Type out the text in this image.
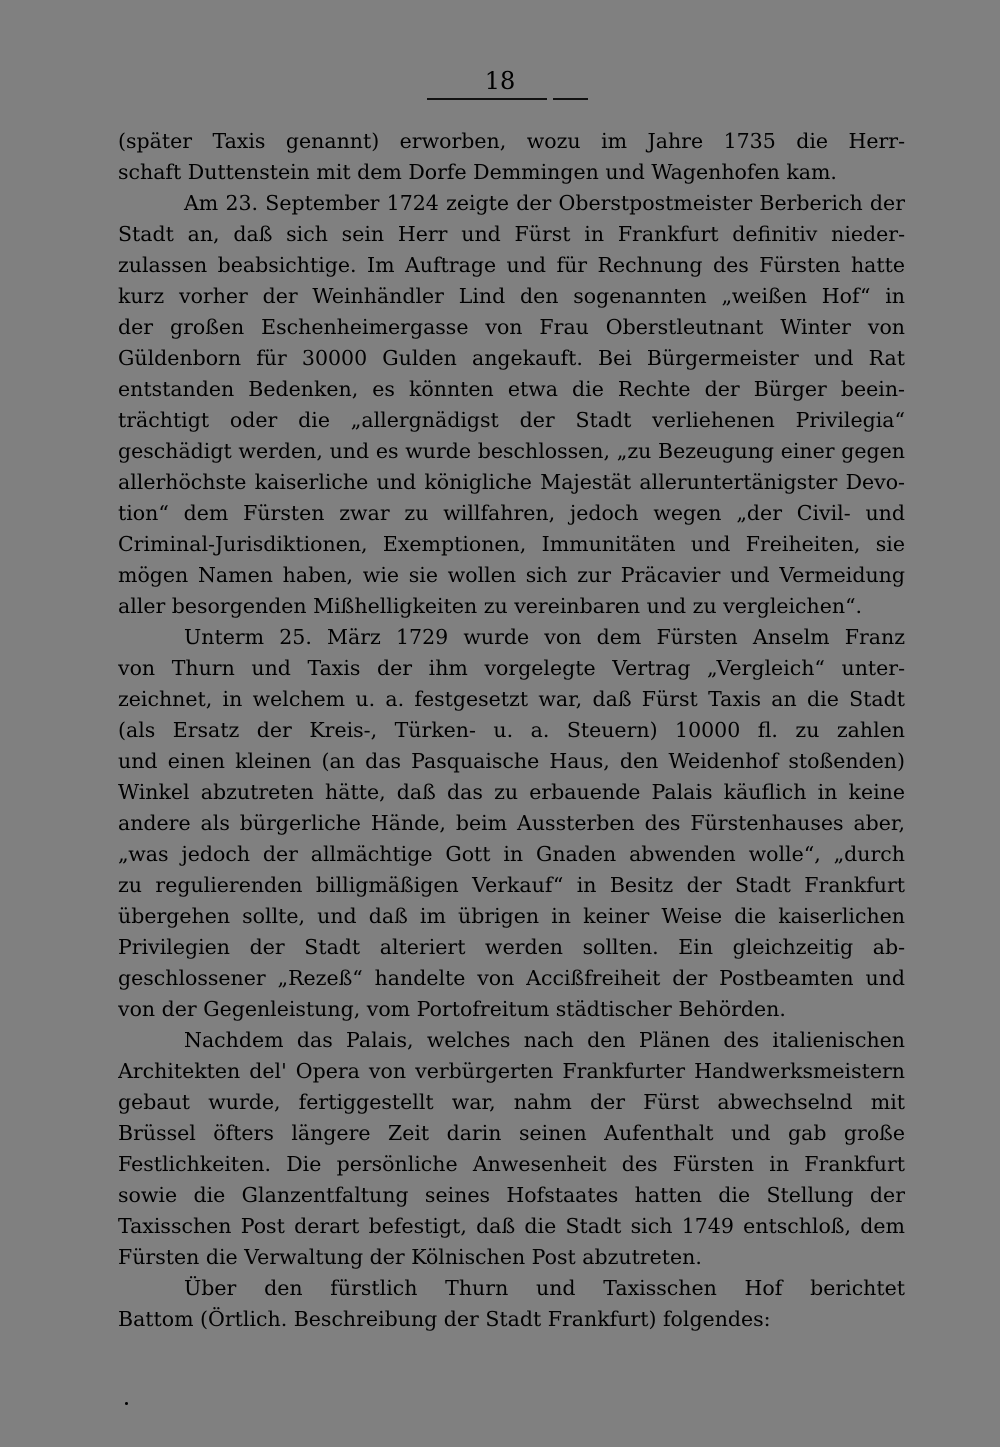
18

(später Taxis genannt) erworben, wozu im Jahre 1735 die Herr-
schaft Duttenstein mit dem Dorfe Demmingen und Wagenhofen kam.
Am 23. September 1724 zeigte der Oberstpostmeister Berberich der
Stadt an, daß sich sein Herr und Fürst in Frankfurt definitiv nieder-
zulassen beabsichtige. Im Auftrage und für Rechnung des Fürsten hatte
kurz vorher der Weinhändler Lind den sogenannten „weißen Hof“ in
der großen Eschenheimergasse von Frau Oberstleutnant Winter von
Güldenborn für 30000 Gulden angekauft. Bei Bürgermeister und Rat
entstanden Bedenken, es könnten etwa die Rechte der Bürger beein-
trächtigt oder die „allergnädigst der Stadt verliehenen Privilegia“
geschädigt werden, und es wurde beschlossen, „zu Bezeugung einer gegen
allerhöchste kaiserliche und königliche Majestät alleruntertänigster Devo-
tion“ dem Fürsten zwar zu willfahren, jedoch wegen „der Civil- und
Criminal-Jurisdiktionen, Exemptionen, Immunitäten und Freiheiten, sie
mögen Namen haben, wie sie wollen sich zur Präcavier und Vermeidung
aller besorgenden Mißhelligkeiten zu vereinbaren und zu vergleichen“.
Unterm 25. März 1729 wurde von dem Fürsten Anselm Franz
von Thurn und Taxis der ihm vorgelegte Vertrag „Vergleich“ unter-
zeichnet, in welchem u. a. festgesetzt war, daß Fürst Taxis an die Stadt
(als Ersatz der Kreis-, Türken- u. a. Steuern) 10000 fl. zu zahlen
und einen kleinen (an das Pasquaische Haus, den Weidenhof stoßenden)
Winkel abzutreten hätte, daß das zu erbauende Palais käuflich in keine
andere als bürgerliche Hände, beim Aussterben des Fürstenhauses aber,
„was jedoch der allmächtige Gott in Gnaden abwenden wolle“, „durch
zu regulierenden billigmäßigen Verkauf“ in Besitz der Stadt Frankfurt
übergehen sollte, und daß im übrigen in keiner Weise die kaiserlichen
Privilegien der Stadt alteriert werden sollten. Ein gleichzeitig ab-
geschlossener „Rezeß“ handelte von Accißfreiheit der Postbeamten und
von der Gegenleistung, vom Portofreitum städtischer Behörden.
Nachdem das Palais, welches nach den Plänen des italienischen
Architekten del' Opera von verbürgerten Frankfurter Handwerksmeistern
gebaut wurde, fertiggestellt war, nahm der Fürst abwechselnd mit
Brüssel öfters längere Zeit darin seinen Aufenthalt und gab große
Festlichkeiten. Die persönliche Anwesenheit des Fürsten in Frankfurt
sowie die Glanzentfaltung seines Hofstaates hatten die Stellung der
Taxisschen Post derart befestigt, daß die Stadt sich 1749 entschloß, dem
Fürsten die Verwaltung der Kölnischen Post abzutreten.
Über den fürstlich Thurn und Taxisschen Hof berichtet
Battom (Örtlich. Beschreibung der Stadt Frankfurt) folgendes:
